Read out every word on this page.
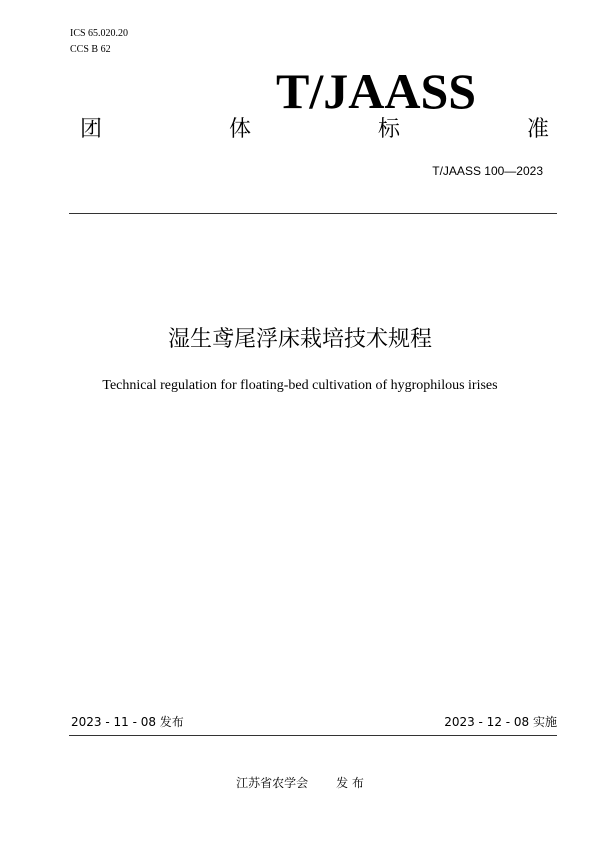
ICS 65.020.20
CCS B 62
T/JAASS
团	体	标	准
T/JAASS 100—2023
湿生鸢尾浮床栽培技术规程
Technical regulation for floating-bed cultivation of hygrophilous irises
2023 - 11 - 08 发布	2023 - 12 - 08 实施
江苏省农学会 发 布
